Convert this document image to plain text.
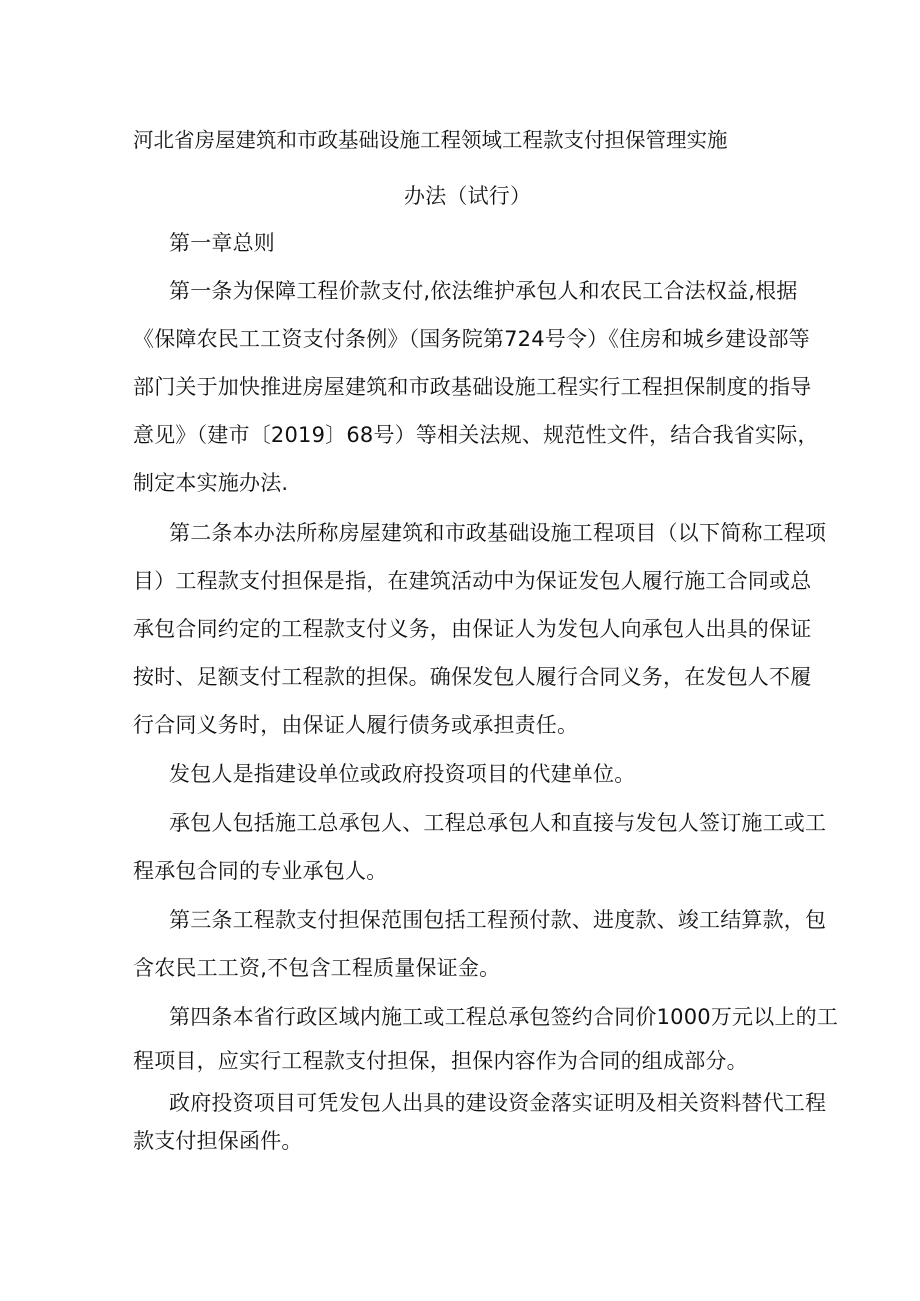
河北省房屋建筑和市政基础设施工程领域工程款支付担保管理实施
办法（试行）
第一章总则
第一条为保障工程价款支付,依法维护承包人和农民工合法权益,根据
《保障农民工工资支付条例》（国务院第724号令）《住房和城乡建设部等
部门关于加快推进房屋建筑和市政基础设施工程实行工程担保制度的指导
意见》（建市〔2019〕68号）等相关法规、规范性文件，结合我省实际，
制定本实施办法.
第二条本办法所称房屋建筑和市政基础设施工程项目（以下简称工程项
目）工程款支付担保是指，在建筑活动中为保证发包人履行施工合同或总
承包合同约定的工程款支付义务，由保证人为发包人向承包人出具的保证
按时、足额支付工程款的担保。确保发包人履行合同义务，在发包人不履
行合同义务时，由保证人履行债务或承担责任。
发包人是指建设单位或政府投资项目的代建单位。
承包人包括施工总承包人、工程总承包人和直接与发包人签订施工或工
程承包合同的专业承包人。
第三条工程款支付担保范围包括工程预付款、进度款、竣工结算款，包
含农民工工资,不包含工程质量保证金。
第四条本省行政区域内施工或工程总承包签约合同价1000万元以上的工
程项目，应实行工程款支付担保，担保内容作为合同的组成部分。
政府投资项目可凭发包人出具的建设资金落实证明及相关资料替代工程
款支付担保函件。
